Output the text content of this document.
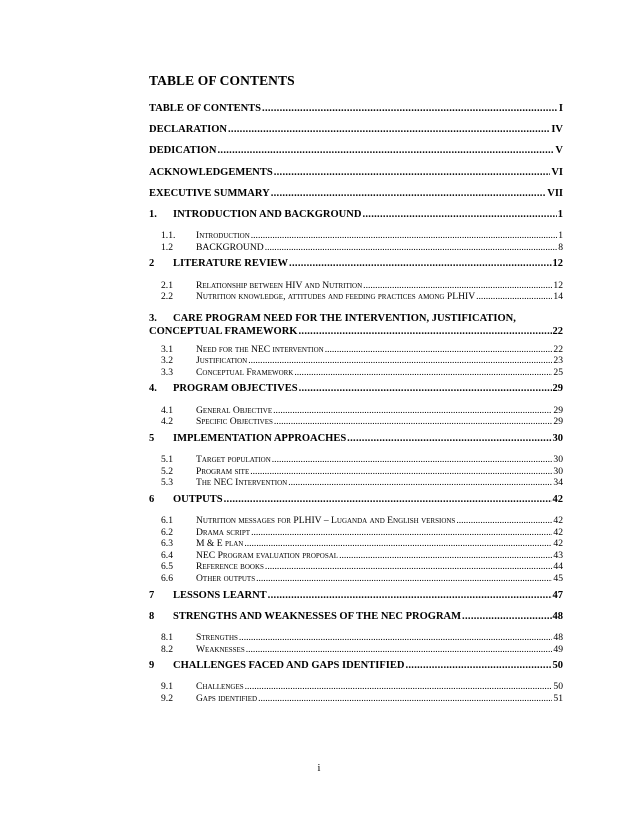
TABLE OF CONTENTS
TABLE OF CONTENTS .....	I
DECLARATION .....	IV
DEDICATION .....	V
ACKNOWLEDGEMENTS .....	VI
EXECUTIVE SUMMARY .....	VII
1.	INTRODUCTION AND BACKGROUND .....	1
1.1.	Introduction .....	1
1.2	BACKGROUND .....	8
2	LITERATURE REVIEW .....	12
2.1	Relationship between HIV and Nutrition .....	12
2.2	Nutrition knowledge, attitudes and feeding practices among PLHIV .....	14
3. CARE PROGRAM NEED FOR THE INTERVENTION, JUSTIFICATION,
CONCEPTUAL FRAMEWORK .....	22
3.1	Need for the NEC intervention .....	22
3.2	Justification .....	23
3.3	Conceptual Framework .....	25
4.	PROGRAM OBJECTIVES .....	29
4.1	General Objective .....	29
4.2	Specific Objectives .....	29
5	IMPLEMENTATION APPROACHES .....	30
5.1	Target population .....	30
5.2	Program site .....	30
5.3	The NEC Intervention .....	34
6	OUTPUTS .....	42
6.1	Nutrition messages for PLHIV – Luganda and English versions .....	42
6.2	Drama script .....	42
6.3	M & E plan .....	42
6.4	NEC Program evaluation proposal .....	43
6.5	Reference books .....	44
6.6	Other outputs .....	45
7	LESSONS LEARNT .....	47
8	STRENGTHS AND WEAKNESSES OF THE NEC PROGRAM .....	48
8.1	Strengths .....	48
8.2	Weaknesses .....	49
9	CHALLENGES FACED AND GAPS IDENTIFIED .....	50
9.1	Challenges .....	50
9.2	Gaps identified .....	51
i
